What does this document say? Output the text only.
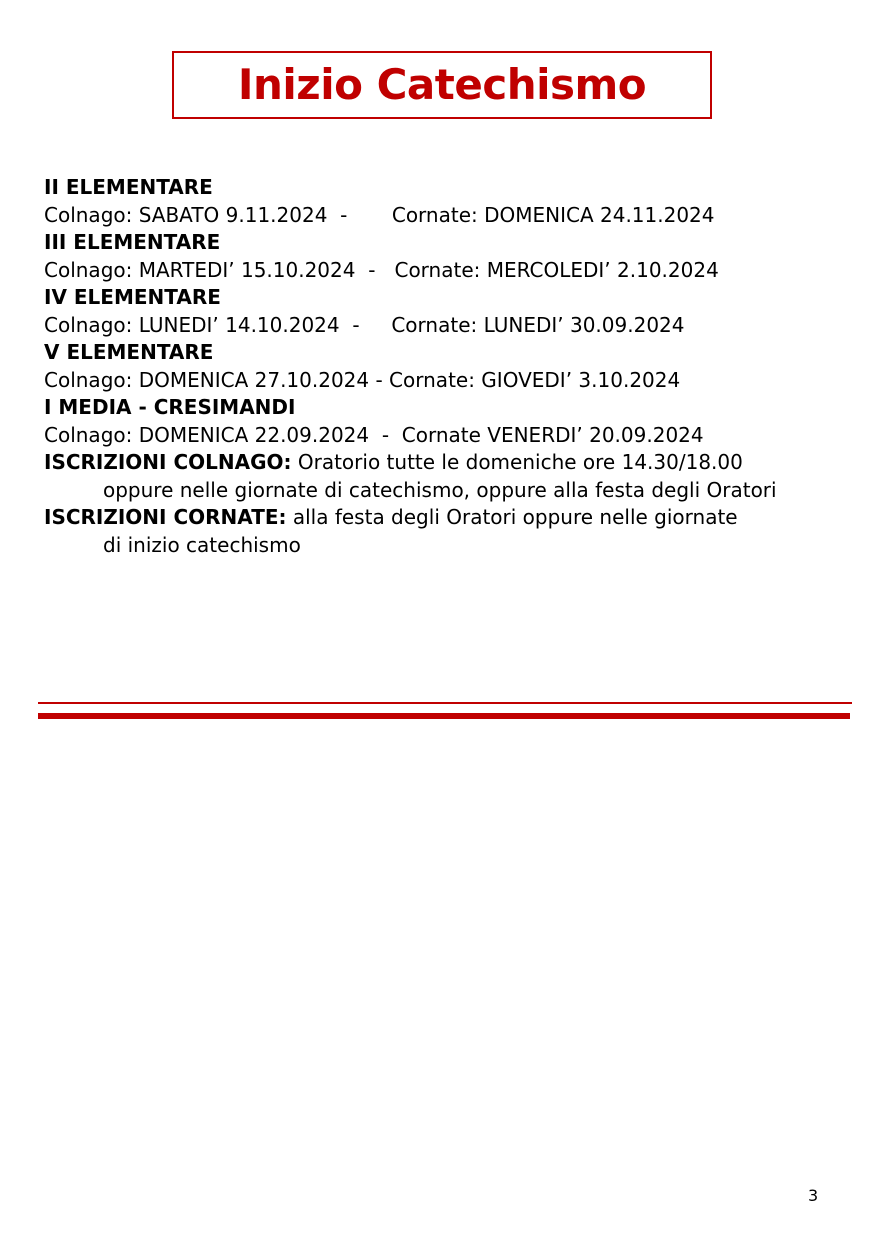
Inizio Catechismo
II ELEMENTARE
Colnago: SABATO 9.11.2024  -       Cornate: DOMENICA 24.11.2024
III ELEMENTARE
Colnago: MARTEDI’ 15.10.2024  -   Cornate: MERCOLEDI’ 2.10.2024
IV ELEMENTARE
Colnago: LUNEDI’ 14.10.2024  -     Cornate: LUNEDI’ 30.09.2024
V ELEMENTARE
Colnago: DOMENICA 27.10.2024 - Cornate: GIOVEDI’ 3.10.2024
I MEDIA - CRESIMANDI
Colnago: DOMENICA 22.09.2024  -  Cornate VENERDI’ 20.09.2024
ISCRIZIONI COLNAGO: Oratorio tutte le domeniche ore 14.30/18.00
oppure nelle giornate di catechismo, oppure alla festa degli Oratori
ISCRIZIONI CORNATE: alla festa degli Oratori oppure nelle giornate
di inizio catechismo
3
